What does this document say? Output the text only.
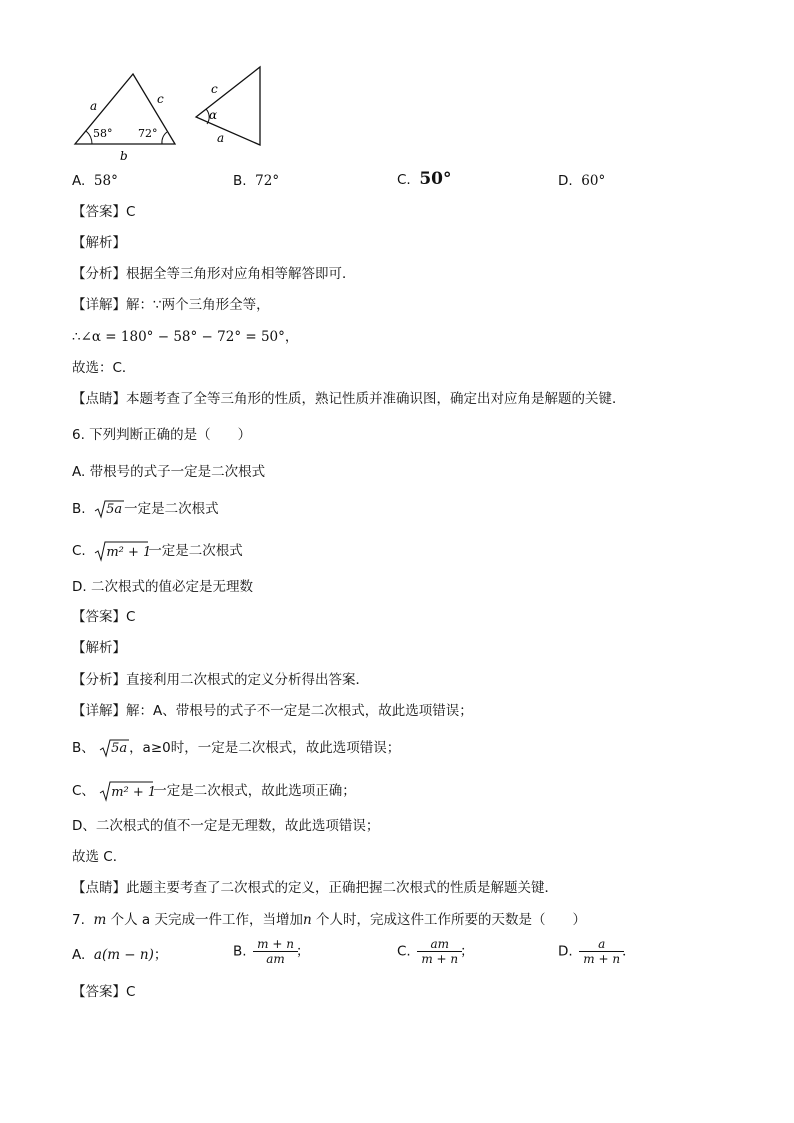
a	c
b
58° 72°
c
α
a
A. 58°	B. 72°	C. 50°	D. 60°
【答案】C
【解析】
【分析】根据全等三角形对应角相等解答即可．
【详解】解：∵两个三角形全等，
∴∠α = 180° − 58° − 72° = 50°，
故选：C．
【点睛】本题考查了全等三角形的性质，熟记性质并准确识图，确定出对应角是解题的关键．
6. 下列判断正确的是（　　）
A. 带根号的式子一定是二次根式
B. 5a 一定是二次根式
C. m² + 1
一定是二次根式
D. 二次根式的值必定是无理数
【答案】C
【解析】
【分析】直接利用二次根式的定义分析得出答案．
【详解】解：A、带根号的式子不一定是二次根式，故此选项错误；
B、 5a ，a≥0时，一定是二次根式，故此选项错误；
C、 m² + 1
一定是二次根式，故此选项正确；
D、二次根式的值不一定是无理数，故此选项错误；
故选 C．
【点睛】此题主要考查了二次根式的定义，正确把握二次根式的性质是解题关键．
7. m 个人 a 天完成一件工作，当增加n 个人时，完成这件工作所要的天数是（　　）
A. a(m − n)；	B. $\frac{m + n}{am}$ ；	C. $\frac{am}{m + n}$ ；	D. $\frac{a}{m + n}$ ．
【答案】C
